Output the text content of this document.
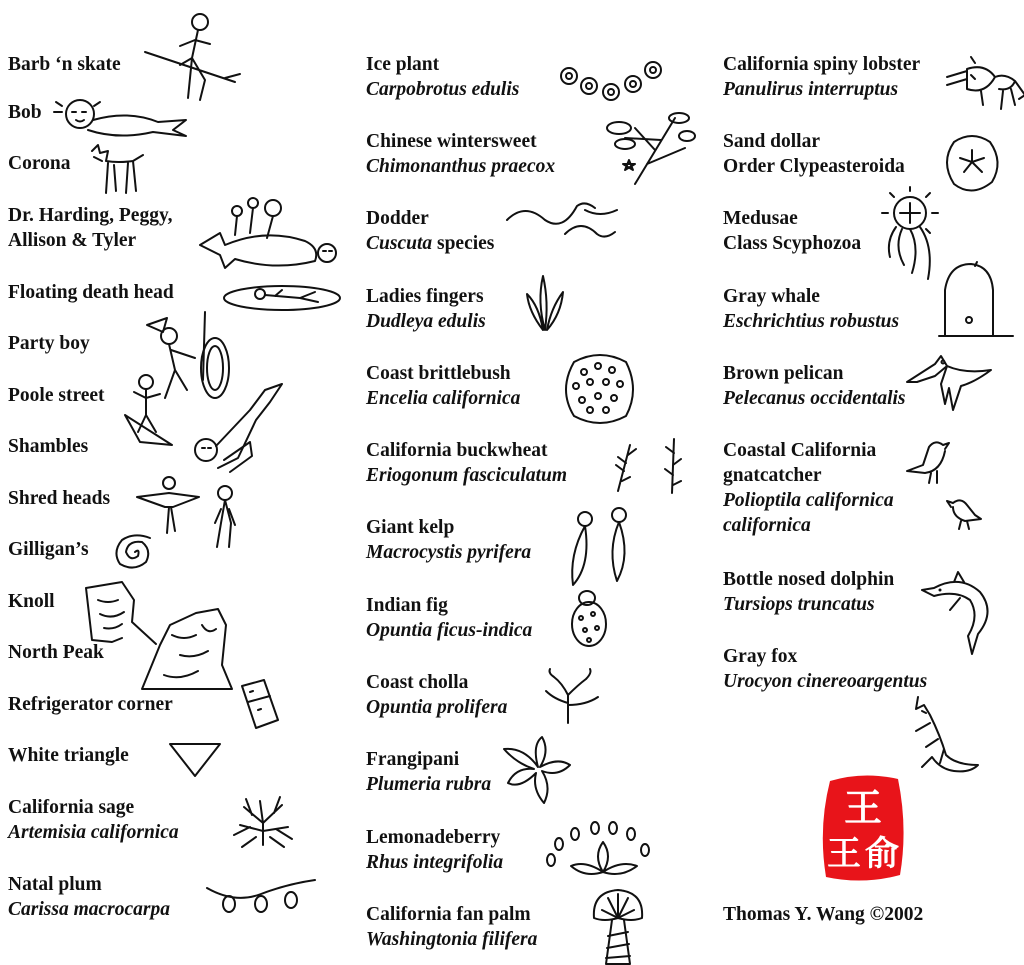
Barb ‘n skate
Bob
Corona
Dr. Harding, Peggy,
Allison & Tyler
Floating death head
Party boy
Poole street
Shambles
Shred heads
Gilligan’s
Knoll
North Peak
Refrigerator corner
White triangle
California sage
Artemisia californica
Natal plum
Carissa macrocarpa
Ice plant
Carpobrotus edulis
Chinese wintersweet
Chimonanthus praecox
Dodder
Cuscuta species
Ladies fingers
Dudleya edulis
Coast brittlebush
Encelia californica
California buckwheat
Eriogonum fasciculatum
Giant kelp
Macrocystis pyrifera
Indian fig
Opuntia ficus-indica
Coast cholla
Opuntia prolifera
Frangipani
Plumeria rubra
Lemonadeberry
Rhus integrifolia
California fan palm
Washingtonia filifera
California spiny lobster
Panulirus interruptus
Sand dollar
Order Clypeasteroida
Medusae
Class Scyphozoa
Gray whale
Eschrichtius robustus
Brown pelican
Pelecanus occidentalis
Coastal California
gnatcatcher
Polioptila californica
californica
Bottle nosed dolphin
Tursiops truncatus
Gray fox
Urocyon cinereoargentus
王
王 俞
Thomas Y. Wang ©2002
